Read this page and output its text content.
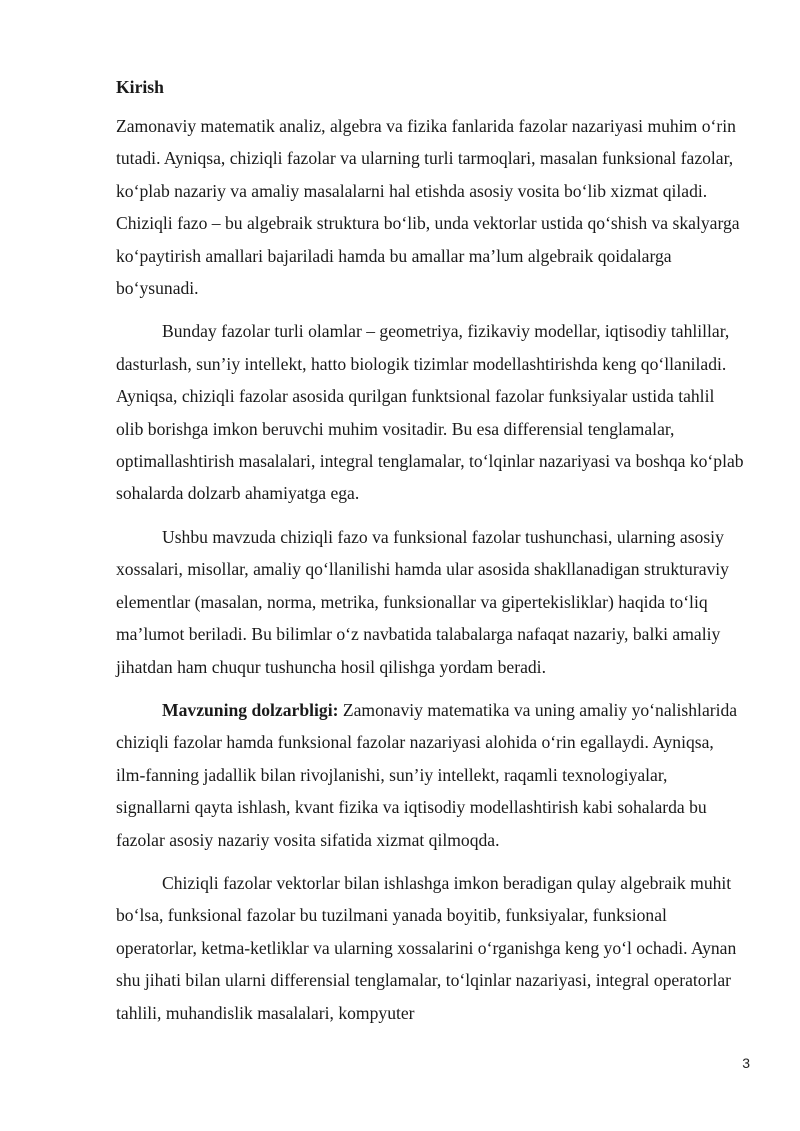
Kirish

Zamonaviy matematik analiz, algebra va fizika fanlarida fazolar nazariyasi muhim o‘rin tutadi. Ayniqsa, chiziqli fazolar va ularning turli tarmoqlari, masalan funksional fazolar, ko‘plab nazariy va amaliy masalalarni hal etishda asosiy vosita bo‘lib xizmat qiladi. Chiziqli fazo – bu algebraik struktura bo‘lib, unda vektorlar ustida qo‘shish va skalyarga ko‘paytirish amallari bajariladi hamda bu amallar ma’lum algebraik qoidalarga bo‘ysunadi.

Bunday fazolar turli olamlar – geometriya, fizikaviy modellar, iqtisodiy tahlillar, dasturlash, sun’iy intellekt, hatto biologik tizimlar modellashtirishda keng qo‘llaniladi. Ayniqsa, chiziqli fazolar asosida qurilgan funktsional fazolar funksiyalar ustida tahlil olib borishga imkon beruvchi muhim vositadir. Bu esa differensial tenglamalar, optimallashtirish masalalari, integral tenglamalar, to‘lqinlar nazariyasi va boshqa ko‘plab sohalarda dolzarb ahamiyatga ega.

Ushbu mavzuda chiziqli fazo va funksional fazolar tushunchasi, ularning asosiy xossalari, misollar, amaliy qo‘llanilishi hamda ular asosida shakllanadigan strukturaviy elementlar (masalan, norma, metrika, funksionallar va gipertekisliklar) haqida to‘liq ma’lumot beriladi. Bu bilimlar o‘z navbatida talabalarga nafaqat nazariy, balki amaliy jihatdan ham chuqur tushuncha hosil qilishga yordam beradi.

Mavzuning dolzarbligi: Zamonaviy matematika va uning amaliy yo‘nalishlarida chiziqli fazolar hamda funksional fazolar nazariyasi alohida o‘rin egallaydi. Ayniqsa, ilm-fanning jadallik bilan rivojlanishi, sun’iy intellekt, raqamli texnologiyalar, signallarni qayta ishlash, kvant fizika va iqtisodiy modellashtirish kabi sohalarda bu fazolar asosiy nazariy vosita sifatida xizmat qilmoqda.

Chiziqli fazolar vektorlar bilan ishlashga imkon beradigan qulay algebraik muhit bo‘lsa, funksional fazolar bu tuzilmani yanada boyitib, funksiyalar, funksional operatorlar, ketma-ketliklar va ularning xossalarini o‘rganishga keng yo‘l ochadi. Aynan shu jihati bilan ularni differensial tenglamalar, to‘lqinlar nazariyasi, integral operatorlar tahlili, muhandislik masalalari, kompyuter

3
